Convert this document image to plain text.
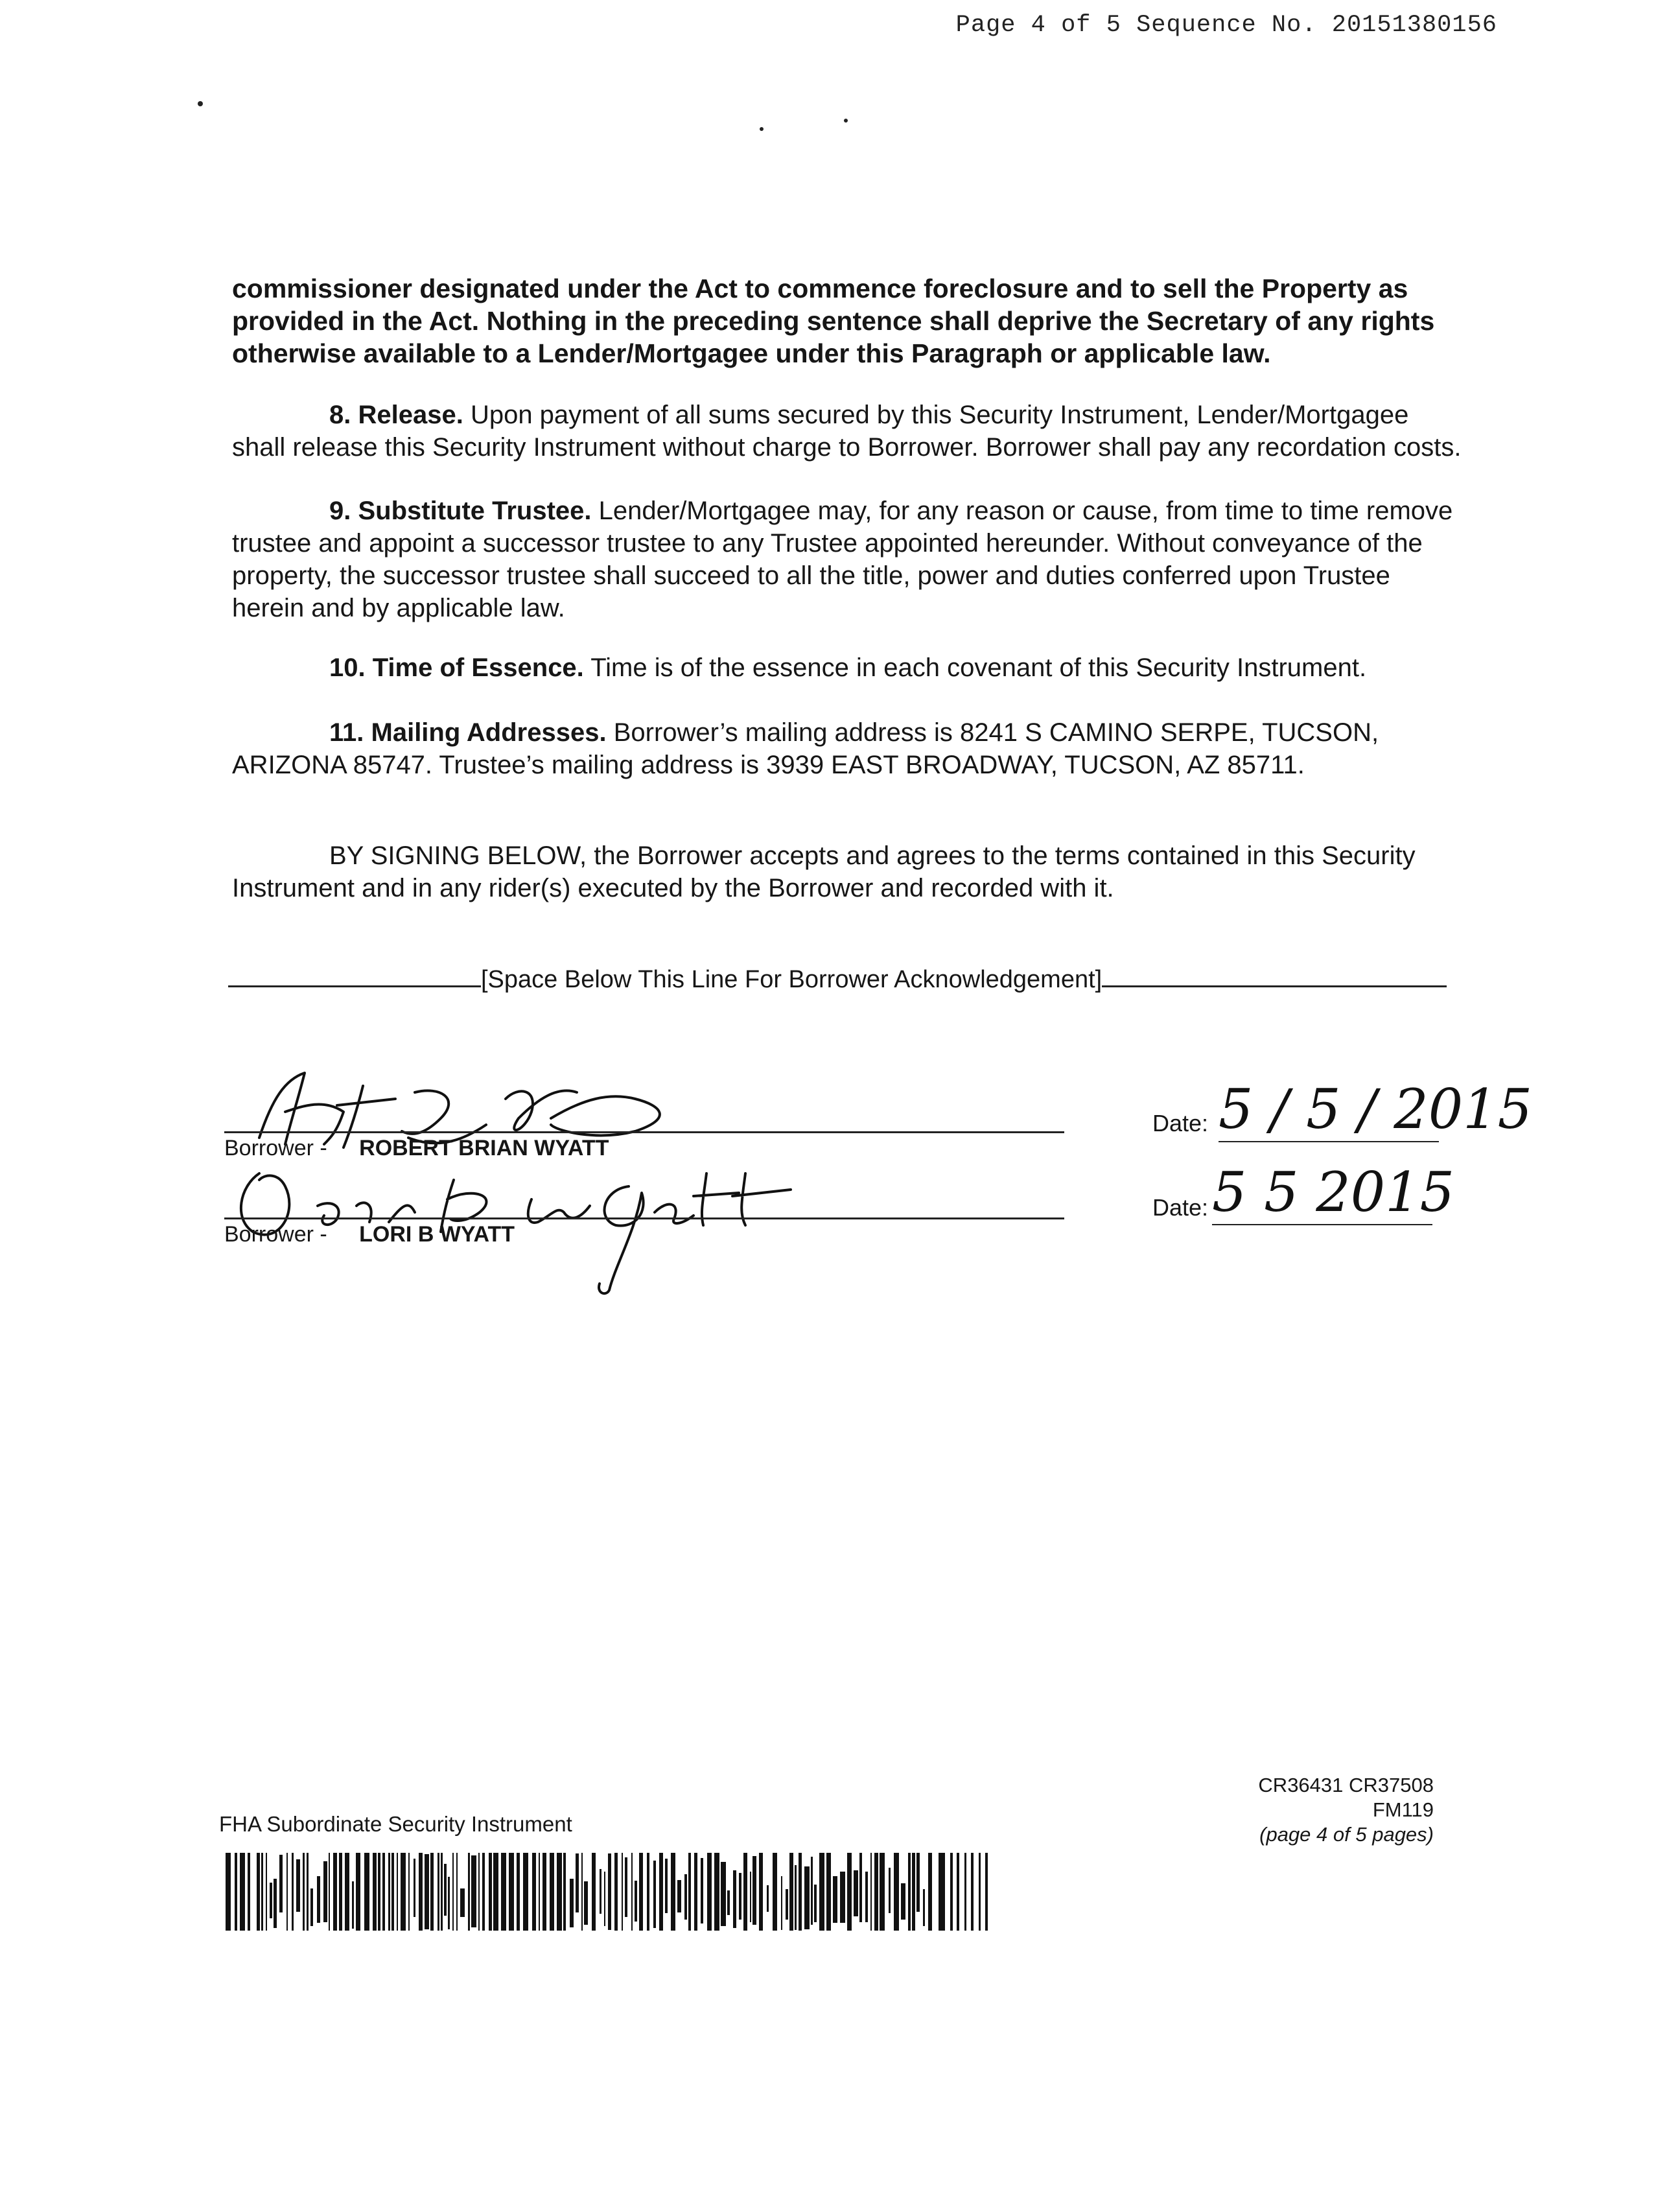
Page 4 of 5 Sequence No. 20151380156
commissioner designated under the Act to commence foreclosure and to sell the Property as provided in the Act. Nothing in the preceding sentence shall deprive the Secretary of any rights otherwise available to a Lender/Mortgagee under this Paragraph or applicable law.
8. Release. Upon payment of all sums secured by this Security Instrument, Lender/Mortgagee shall release this Security Instrument without charge to Borrower. Borrower shall pay any recordation costs.
9. Substitute Trustee. Lender/Mortgagee may, for any reason or cause, from time to time remove trustee and appoint a successor trustee to any Trustee appointed hereunder. Without conveyance of the property, the successor trustee shall succeed to all the title, power and duties conferred upon Trustee herein and by applicable law.
10. Time of Essence. Time is of the essence in each covenant of this Security Instrument.
11. Mailing Addresses. Borrower’s mailing address is 8241 S CAMINO SERPE, TUCSON, ARIZONA 85747. Trustee’s mailing address is 3939 EAST BROADWAY, TUCSON, AZ 85711.
BY SIGNING BELOW, the Borrower accepts and agrees to the terms contained in this Security Instrument and in any rider(s) executed by the Borrower and recorded with it.
[Space Below This Line For Borrower Acknowledgement]
Borrower - ROBERT BRIAN WYATT
Date: 5 / 5 / 2015
Borrower - LORI B WYATT
Date: 5 5 2015
FHA Subordinate Security Instrument
CR36431 CR37508
FM119
(page 4 of 5 pages)
